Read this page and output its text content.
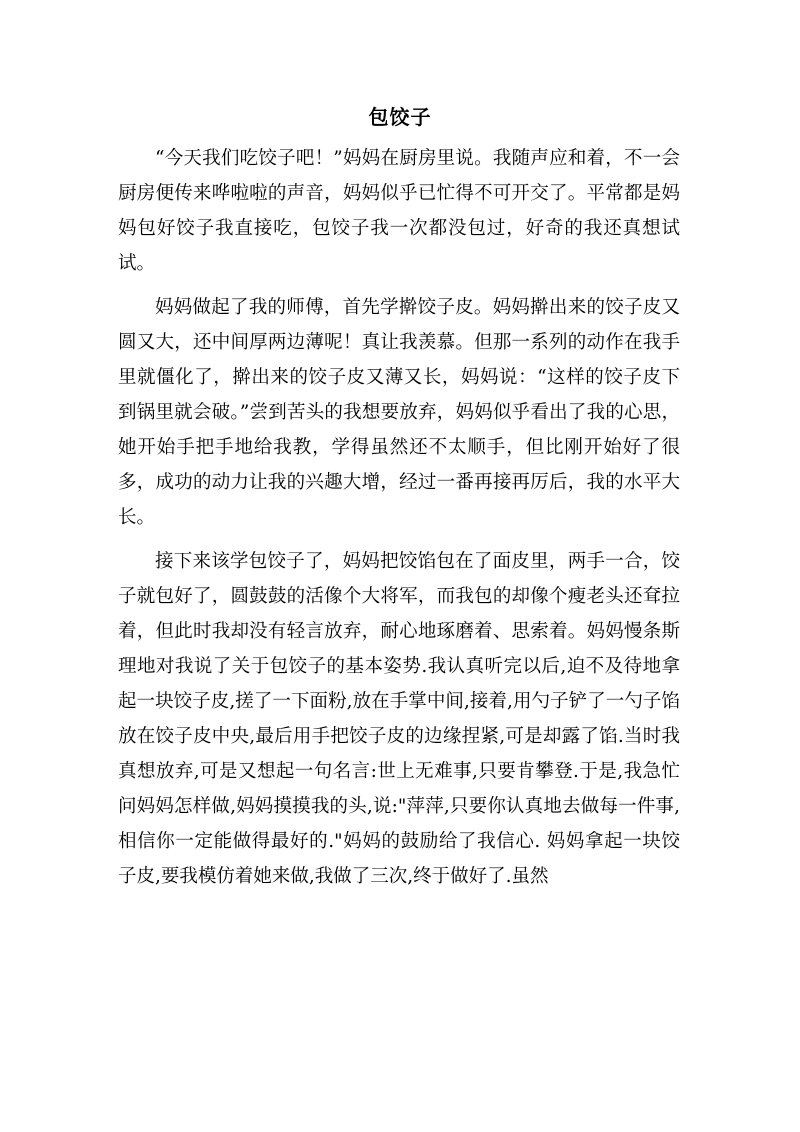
包饺子

“今天我们吃饺子吧！”妈妈在厨房里说。我随声应和着，不一会厨房便传来哗啦啦的声音，妈妈似乎已忙得不可开交了。平常都是妈妈包好饺子我直接吃，包饺子我一次都没包过，好奇的我还真想试试。

妈妈做起了我的师傅，首先学擀饺子皮。妈妈擀出来的饺子皮又圆又大，还中间厚两边薄呢！真让我羡慕。但那一系列的动作在我手里就僵化了，擀出来的饺子皮又薄又长，妈妈说：“这样的饺子皮下到锅里就会破。”尝到苦头的我想要放弃，妈妈似乎看出了我的心思，她开始手把手地给我教，学得虽然还不太顺手，但比刚开始好了很多，成功的动力让我的兴趣大增，经过一番再接再厉后，我的水平大长。

接下来该学包饺子了，妈妈把饺馅包在了面皮里，两手一合，饺子就包好了，圆鼓鼓的活像个大将军，而我包的却像个瘦老头还耷拉着，但此时我却没有轻言放弃，耐心地琢磨着、思索着。妈妈慢条斯理地对我说了关于包饺子的基本姿势.我认真听完以后,迫不及待地拿起一块饺子皮,搓了一下面粉,放在手掌中间,接着,用勺子铲了一勺子馅放在饺子皮中央,最后用手把饺子皮的边缘捏紧,可是却露了馅.当时我真想放弃,可是又想起一句名言:世上无难事,只要肯攀登.于是,我急忙问妈妈怎样做,妈妈摸摸我的头,说:"萍萍,只要你认真地去做每一件事,相信你一定能做得最好的."妈妈的鼓励给了我信心. 妈妈拿起一块饺子皮,要我模仿着她来做,我做了三次,终于做好了.虽然
